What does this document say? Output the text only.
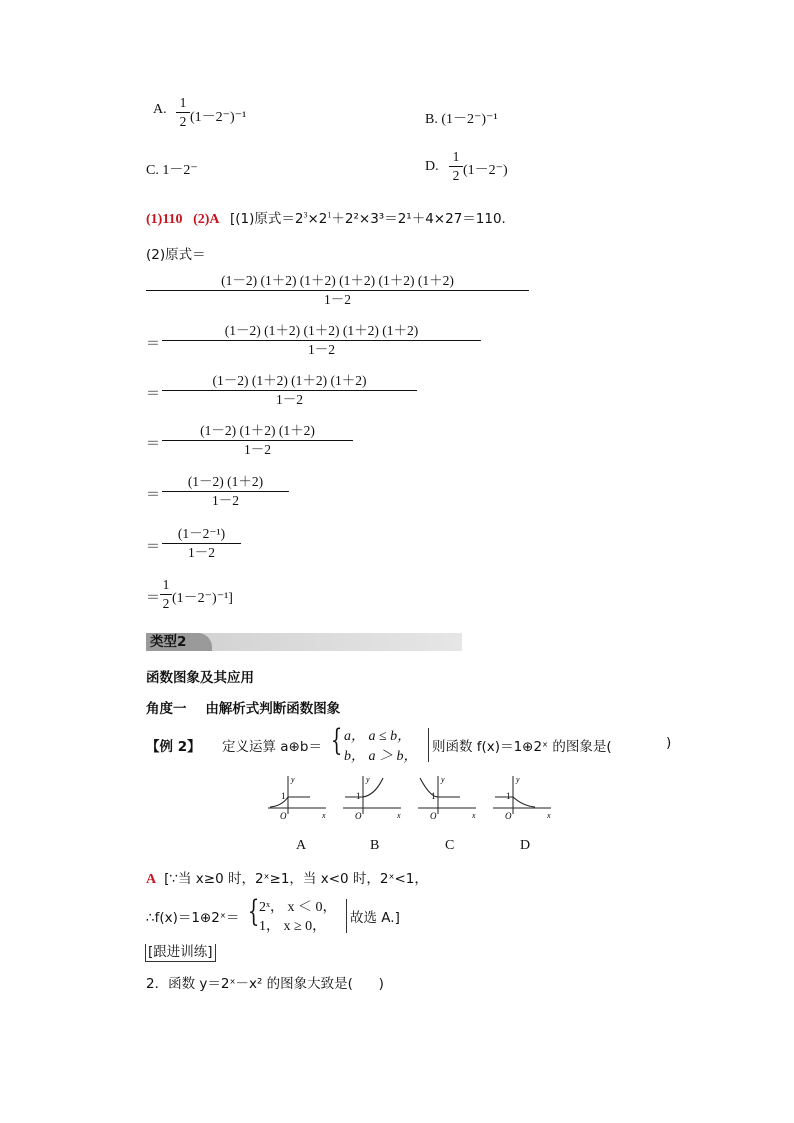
A. 1
2 (1－2⁻)⁻¹	B. (1－2⁻)⁻¹
C. 1－2⁻	D.
1
2 (1－2⁻)
(1)110 (2)A [(1)原式$=2^3\times 2^1+2^2\times 3^3=2^1+4\times 27=110$.
(2)原式＝
(1－2) (1＋2) (1＋2) (1＋2) (1＋2) (1＋2)
1－2
＝
(1－2) (1＋2) (1＋2) (1＋2) (1＋2)
1－2
＝
(1－2) (1＋2) (1＋2) (1＋2)
1－2
＝
(1－2) (1＋2) (1＋2)
1－2
＝
(1－2) (1＋2)
1－2
＝
(1－2⁻¹)
1－2
＝
1
2 (1－2⁻)⁻¹]
类型2
函数图象及其应用
角度一 由解析式判断函数图象
【例 2】 定义运算 a⊕b＝ { a， a ≤ b，
b， a ＞ b，
则函数 f(x)＝1⊕2ˣ 的图象是(	)
y
x
O
1
y
x
O
1
y
x
O
1
y
x
O
1
A	B	C	D
A [∵当 x≥0 时，2ˣ≥1，当 x<0 时，2ˣ<1，
∴f(x)＝1⊕2ˣ＝ { 2ˣ， x ＜ 0，
1， x ≥ 0，
故选 A.]
[跟进训练]
2．函数 y＝2ˣ－x² 的图象大致是( )
